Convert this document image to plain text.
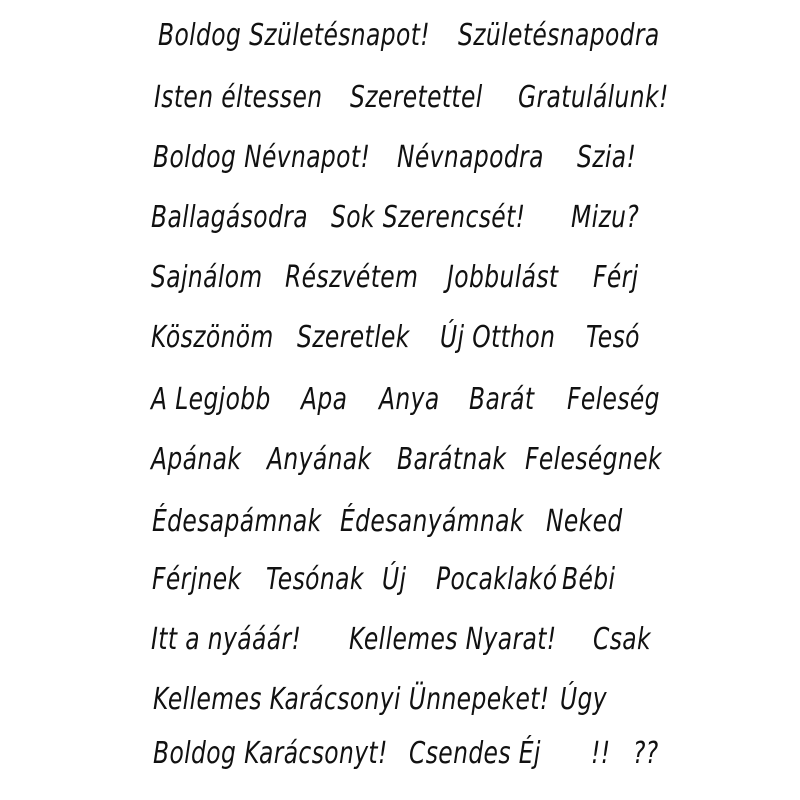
Boldog Születésnapot! Születésnapodra
Isten éltessen Szeretettel	Gratulálunk!
Boldog Névnapot! Névnapodra	Szia!
Ballagásodra Sok Szerencsét!	Mizu?
Sajnálom Részvétem Jobbulást	Férj
Köszönöm Szeretlek	Új Otthon	Tesó
A Legjobb	Apa	Anya Barát	Feleség
Apának Anyának Barátnak Feleségnek
Édesapámnak Édesanyámnak Neked
Férjnek Tesónak Új Pocaklakó Bébi
Itt a nyááár!	Kellemes Nyarat!	Csak
Kellemes Karácsonyi Ünnepeket! Úgy
Boldog Karácsonyt! Csendes Éj	!! ??
